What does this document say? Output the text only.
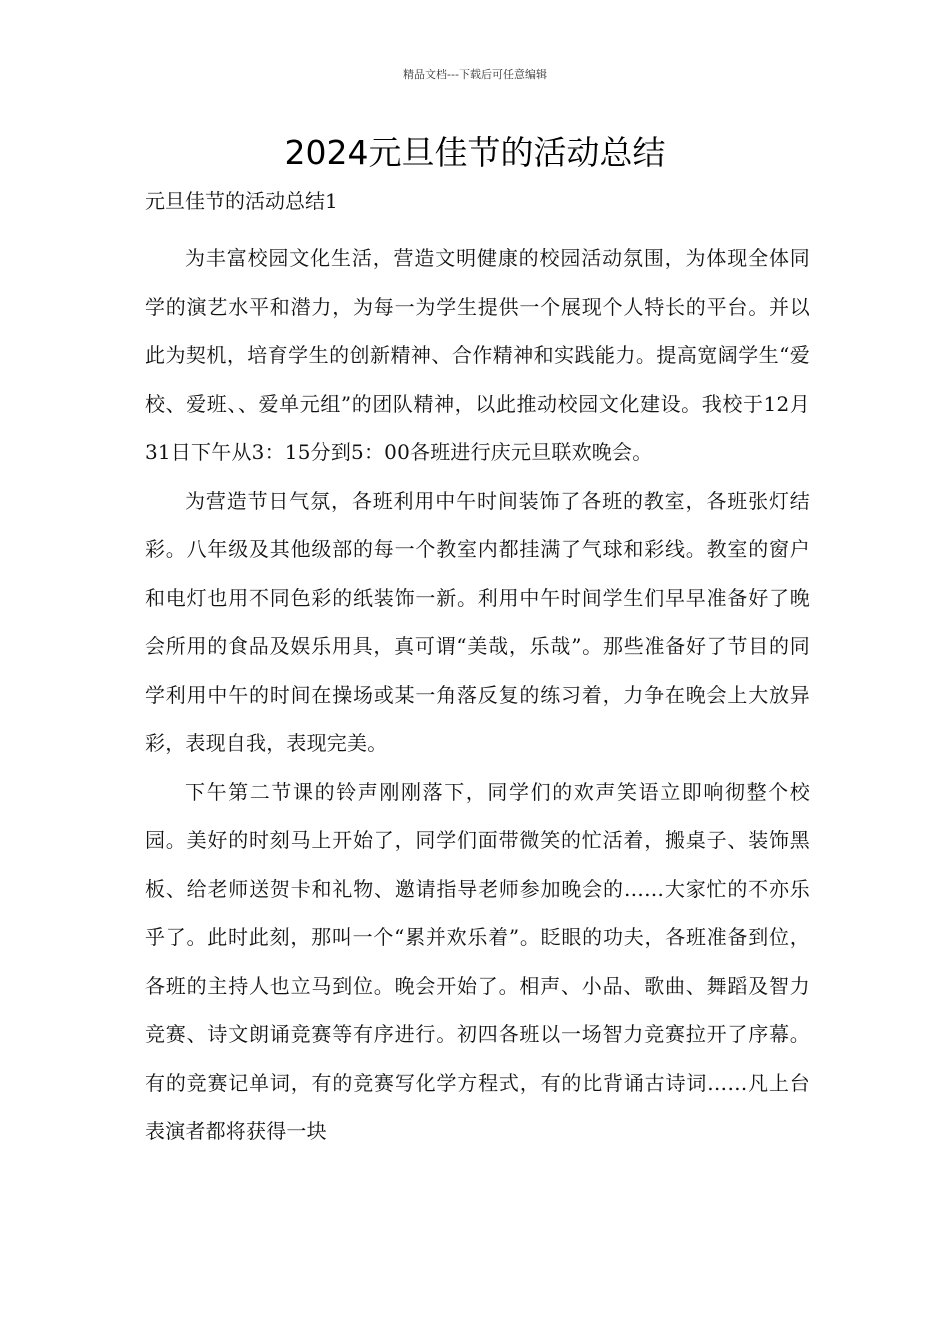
精品文档---下载后可任意编辑
2024元旦佳节的活动总结
元旦佳节的活动总结1

为丰富校园文化生活，营造文明健康的校园活动氛围，为体现全体同学的演艺水平和潜力，为每一为学生提供一个展现个人特长的平台。并以此为契机，培育学生的创新精神、合作精神和实践能力。提高宽阔学生“爱校、爱班、、爱单元组”的团队精神，以此推动校园文化建设。我校于12月31日下午从3：15分到5：00各班进行庆元旦联欢晚会。

为营造节日气氛，各班利用中午时间装饰了各班的教室，各班张灯结彩。八年级及其他级部的每一个教室内都挂满了气球和彩线。教室的窗户和电灯也用不同色彩的纸装饰一新。利用中午时间学生们早早准备好了晚会所用的食品及娱乐用具，真可谓“美哉，乐哉”。那些准备好了节目的同学利用中午的时间在操场或某一角落反复的练习着，力争在晚会上大放异彩，表现自我，表现完美。

下午第二节课的铃声刚刚落下，同学们的欢声笑语立即响彻整个校园。美好的时刻马上开始了，同学们面带微笑的忙活着，搬桌子、装饰黑板、给老师送贺卡和礼物、邀请指导老师参加晚会的……大家忙的不亦乐乎了。此时此刻，那叫一个“累并欢乐着”。眨眼的功夫，各班准备到位，各班的主持人也立马到位。晚会开始了。相声、小品、歌曲、舞蹈及智力竞赛、诗文朗诵竞赛等有序进行。初四各班以一场智力竞赛拉开了序幕。有的竞赛记单词，有的竞赛写化学方程式，有的比背诵古诗词……凡上台表演者都将获得一块
